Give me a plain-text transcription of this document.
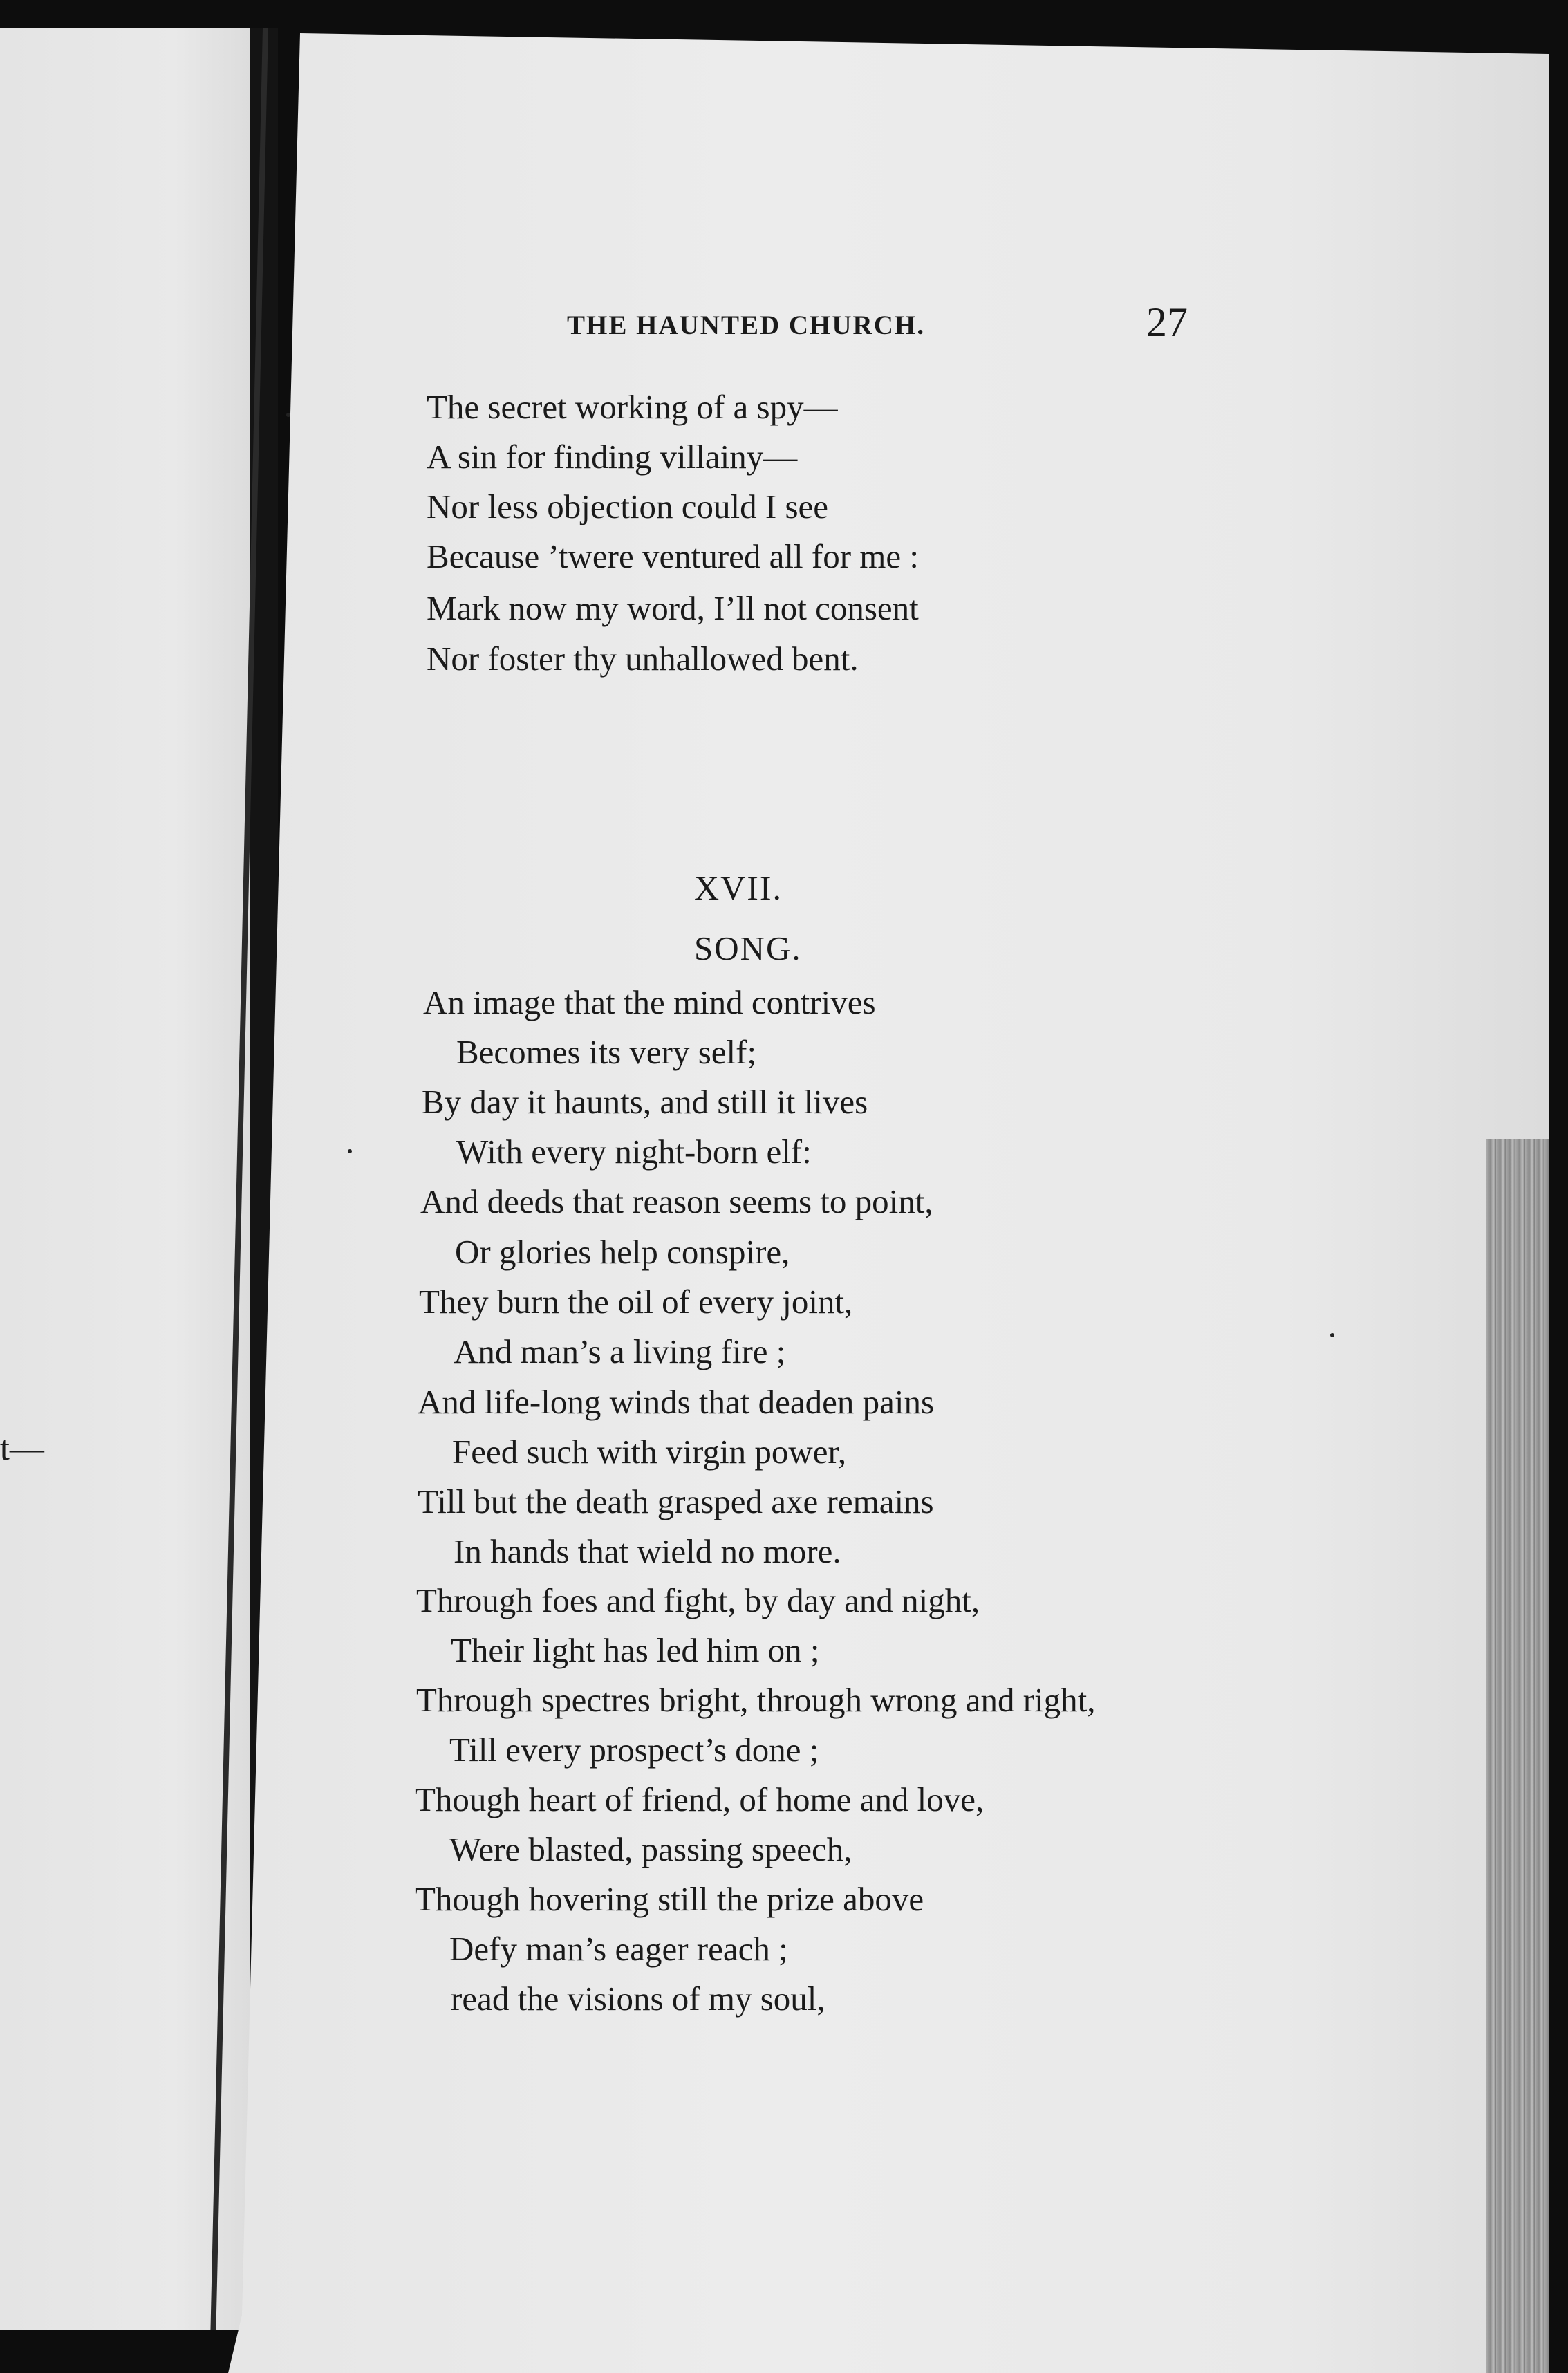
t—
THE HAUNTED CHURCH.	27
The secret working of a spy—
A sin for finding villainy—
Nor less objection could I see
Because ’twere ventured all for me :
Mark now my word, I’ll not consent
Nor foster thy unhallowed bent.
XVII.
SONG.
An image that the mind contrives
Becomes its very self;
By day it haunts, and still it lives
With every night-born elf:
And deeds that reason seems to point,
Or glories help conspire,
They burn the oil of every joint,
And man’s a living fire ;
And life-long winds that deaden pains
Feed such with virgin power,
Till but the death grasped axe remains
In hands that wield no more.
Through foes and fight, by day and night,
Their light has led him on ;
Through spectres bright, through wrong and right,
Till every prospect’s done ;
Though heart of friend, of home and love,
Were blasted, passing speech,
Though hovering still the prize above
Defy man’s eager reach ;
read the visions of my soul,
